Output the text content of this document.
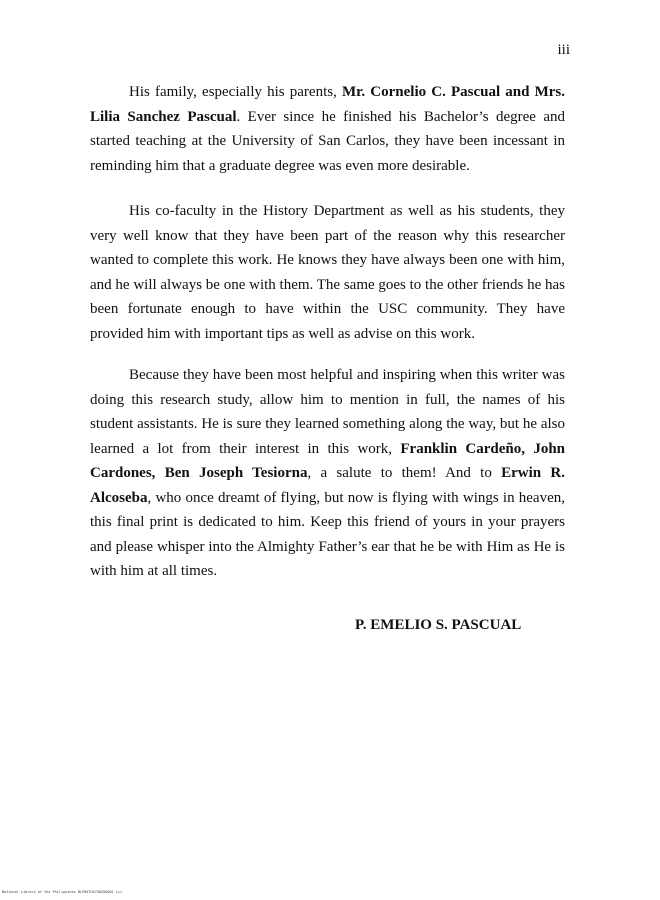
iii

His family, especially his parents, Mr. Cornelio C. Pascual and Mrs. Lilia Sanchez Pascual. Ever since he finished his Bachelor’s degree and started teaching at the University of San Carlos, they have been incessant in reminding him that a graduate degree was even more desirable.

His co-faculty in the History Department as well as his students, they very well know that they have been part of the reason why this researcher wanted to complete this work. He knows they have always been one with him, and he will always be one with them. The same goes to the other friends he has been fortunate enough to have within the USC community. They have provided him with important tips as well as advise on this work.

Because they have been most helpful and inspiring when this writer was doing this research study, allow him to mention in full, the names of his student assistants. He is sure they learned something along the way, but he also learned a lot from their interest in this work, Franklin Cardeño, John Cardones, Ben Joseph Tesiorna, a salute to them! And to Erwin R. Alcoseba, who once dreamt of flying, but now is flying with wings in heaven, this final print is dedicated to him. Keep this friend of yours in your prayers and please whisper into the Almighty Father’s ear that he be with Him as He is with him at all times.

P. EMELIO S. PASCUAL
National Library of the Philippines NLP00TH4750Z00001 iii
